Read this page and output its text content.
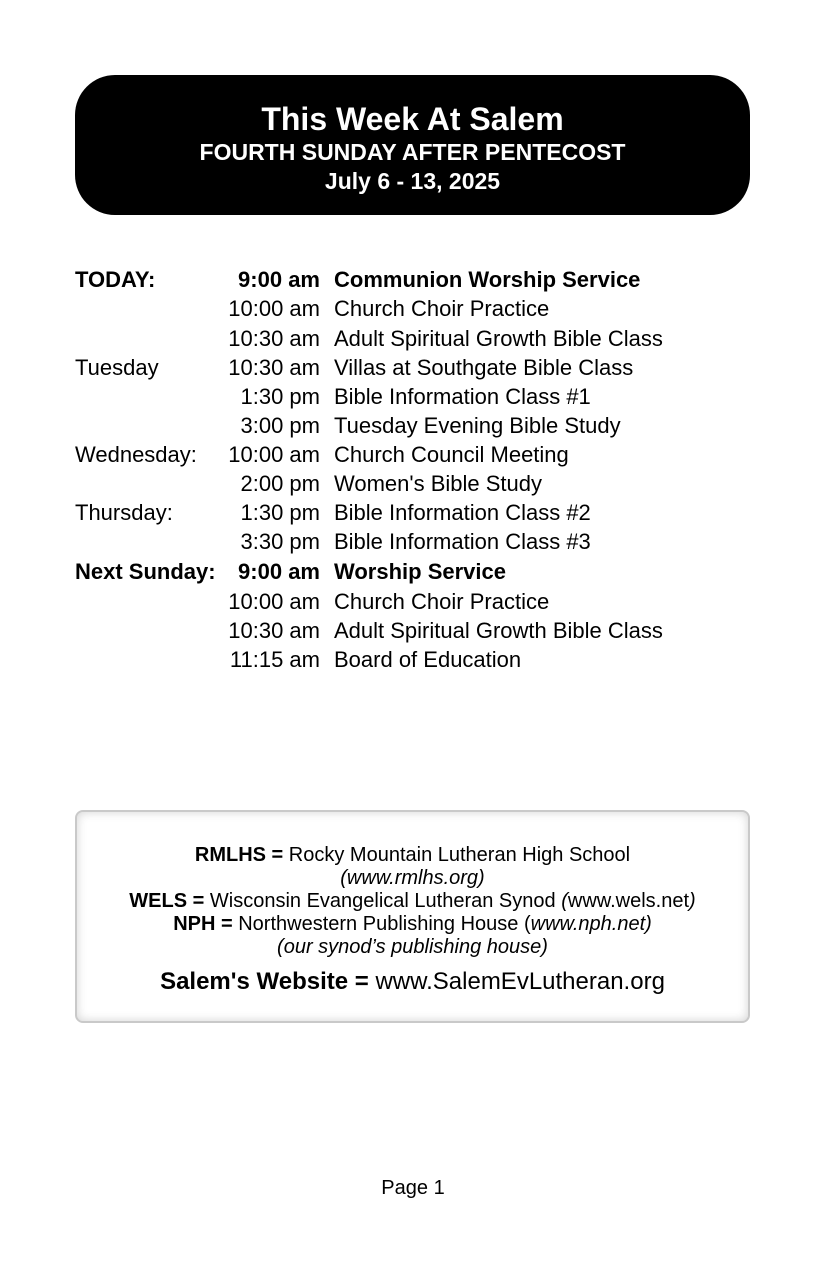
This Week At Salem
FOURTH SUNDAY AFTER PENTECOST
July 6 - 13, 2025
TODAY:	9:00 am Communion Worship Service
10:00 am Church Choir Practice
10:30 am Adult Spiritual Growth Bible Class
Tuesday	10:30 am Villas at Southgate Bible Class
1:30 pm Bible Information Class #1
3:00 pm Tuesday Evening Bible Study
Wednesday: 10:00 am Church Council Meeting
2:00 pm Women's Bible Study
Thursday:	1:30 pm Bible Information Class #2
3:30 pm Bible Information Class #3
Next Sunday: 9:00 am Worship Service
10:00 am Church Choir Practice
10:30 am Adult Spiritual Growth Bible Class
11:15 am Board of Education
RMLHS = Rocky Mountain Lutheran High School
(www.rmlhs.org)
WELS = Wisconsin Evangelical Lutheran Synod (www.wels.net)
NPH = Northwestern Publishing House (www.nph.net)
(our synod’s publishing house)
Salem's Website = www.SalemEvLutheran.org
Page 1
